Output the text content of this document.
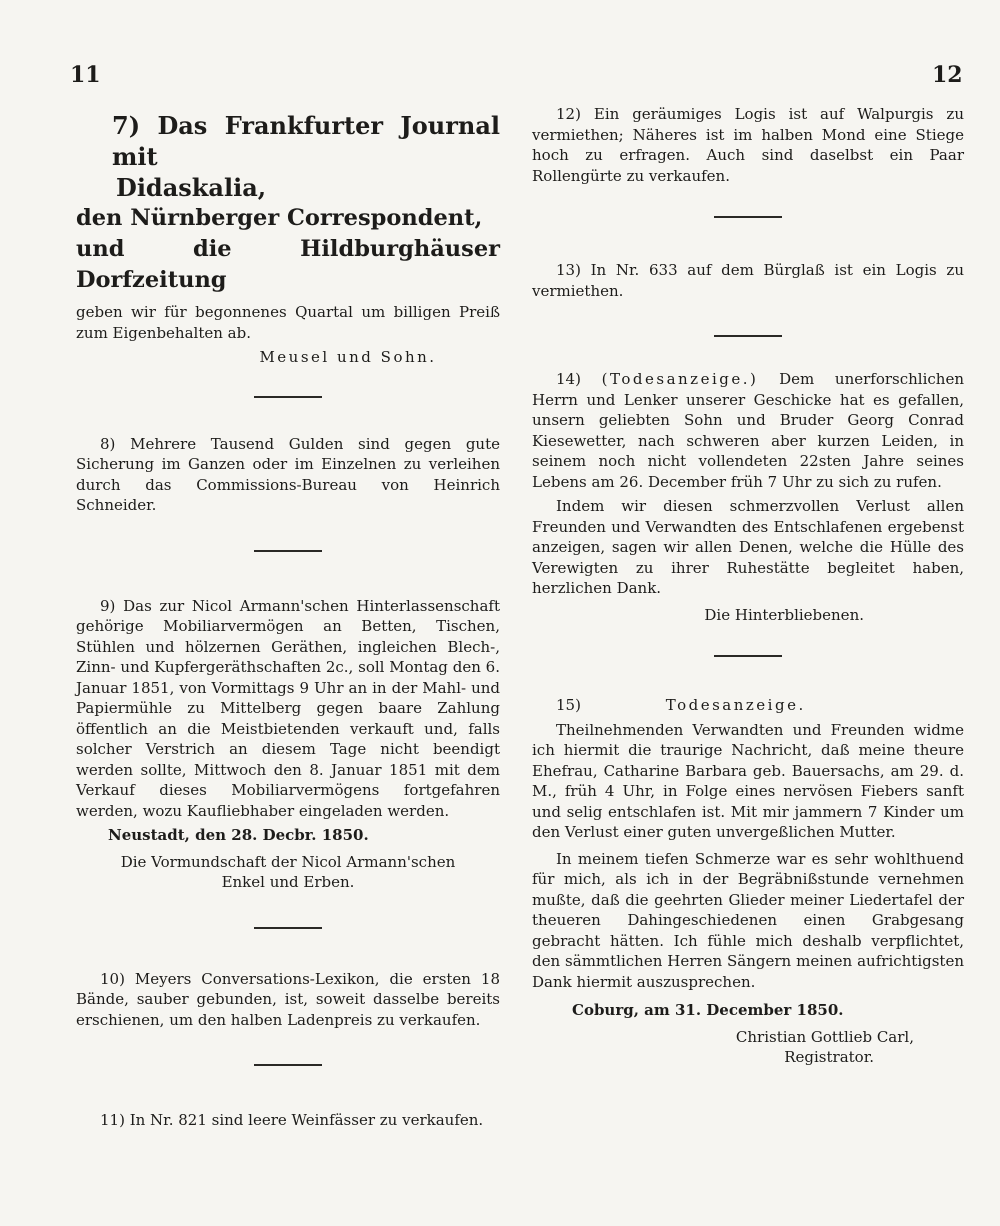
11	12

7) Das Frankfurter Journal mit

Didaskalia,

den Nürnberger Correspondent,

und die Hildburghäuser Dorfzeitung

geben wir für begonnenes Quartal um billigen Preiß zum Eigenbehalten ab.

Meusel und Sohn.

8) Mehrere Tausend Gulden sind gegen gute Sicherung im Ganzen oder im Einzelnen zu verleihen durch das Commissions-Bureau von Heinrich Schneider.

9) Das zur Nicol Armann'schen Hinterlassenschaft gehörige Mobiliarvermögen an Betten, Tischen, Stühlen und hölzernen Geräthen, ingleichen Blech-, Zinn- und Kupfergeräthschaften 2c., soll Montag den 6. Januar 1851, von Vormittags 9 Uhr an in der Mahl- und Papiermühle zu Mittelberg gegen baare Zahlung öffentlich an die Meistbietenden verkauft und, falls solcher Verstrich an diesem Tage nicht beendigt werden sollte, Mittwoch den 8. Januar 1851 mit dem Verkauf dieses Mobiliarvermögens fortgefahren werden, wozu Kaufliebhaber eingeladen werden.

Neustadt, den 28. Decbr. 1850.

Die Vormundschaft der Nicol Armann'schen Enkel und Erben.

10) Meyers Conversations-Lexikon, die ersten 18 Bände, sauber gebunden, ist, soweit dasselbe bereits erschienen, um den halben Ladenpreis zu verkaufen.

11) In Nr. 821 sind leere Weinfässer zu verkaufen.

12) Ein geräumiges Logis ist auf Walpurgis zu vermiethen; Näheres ist im halben Mond eine Stiege hoch zu erfragen. Auch sind daselbst ein Paar Rollengürte zu verkaufen.

13) In Nr. 633 auf dem Bürglaß ist ein Logis zu vermiethen.

14) (Todesanzeige.) Dem unerforschlichen Herrn und Lenker unserer Geschicke hat es gefallen, unsern geliebten Sohn und Bruder Georg Conrad Kiesewetter, nach schweren aber kurzen Leiden, in seinem noch nicht vollendeten 22sten Jahre seines Lebens am 26. December früh 7 Uhr zu sich zu rufen.

Indem wir diesen schmerzvollen Verlust allen Freunden und Verwandten des Entschlafenen ergebenst anzeigen, sagen wir allen Denen, welche die Hülle des Verewigten zu ihrer Ruhestätte begleitet haben, herzlichen Dank.

Die Hinterbliebenen.

15)	Todesanzeige.

Theilnehmenden Verwandten und Freunden widme ich hiermit die traurige Nachricht, daß meine theure Ehefrau, Catharine Barbara geb. Bauersachs, am 29. d. M., früh 4 Uhr, in Folge eines nervösen Fiebers sanft und selig entschlafen ist. Mit mir jammern 7 Kinder um den Verlust einer guten unvergeßlichen Mutter.

In meinem tiefen Schmerze war es sehr wohlthuend für mich, als ich in der Begräbnißstunde vernehmen mußte, daß die geehrten Glieder meiner Liedertafel der theueren Dahingeschiedenen einen Grabgesang gebracht hätten. Ich fühle mich deshalb verpflichtet, den sämmtlichen Herren Sängern meinen aufrichtigsten Dank hiermit auszusprechen.

Coburg, am 31. December 1850.

Christian Gottlieb Carl,

Registrator.
